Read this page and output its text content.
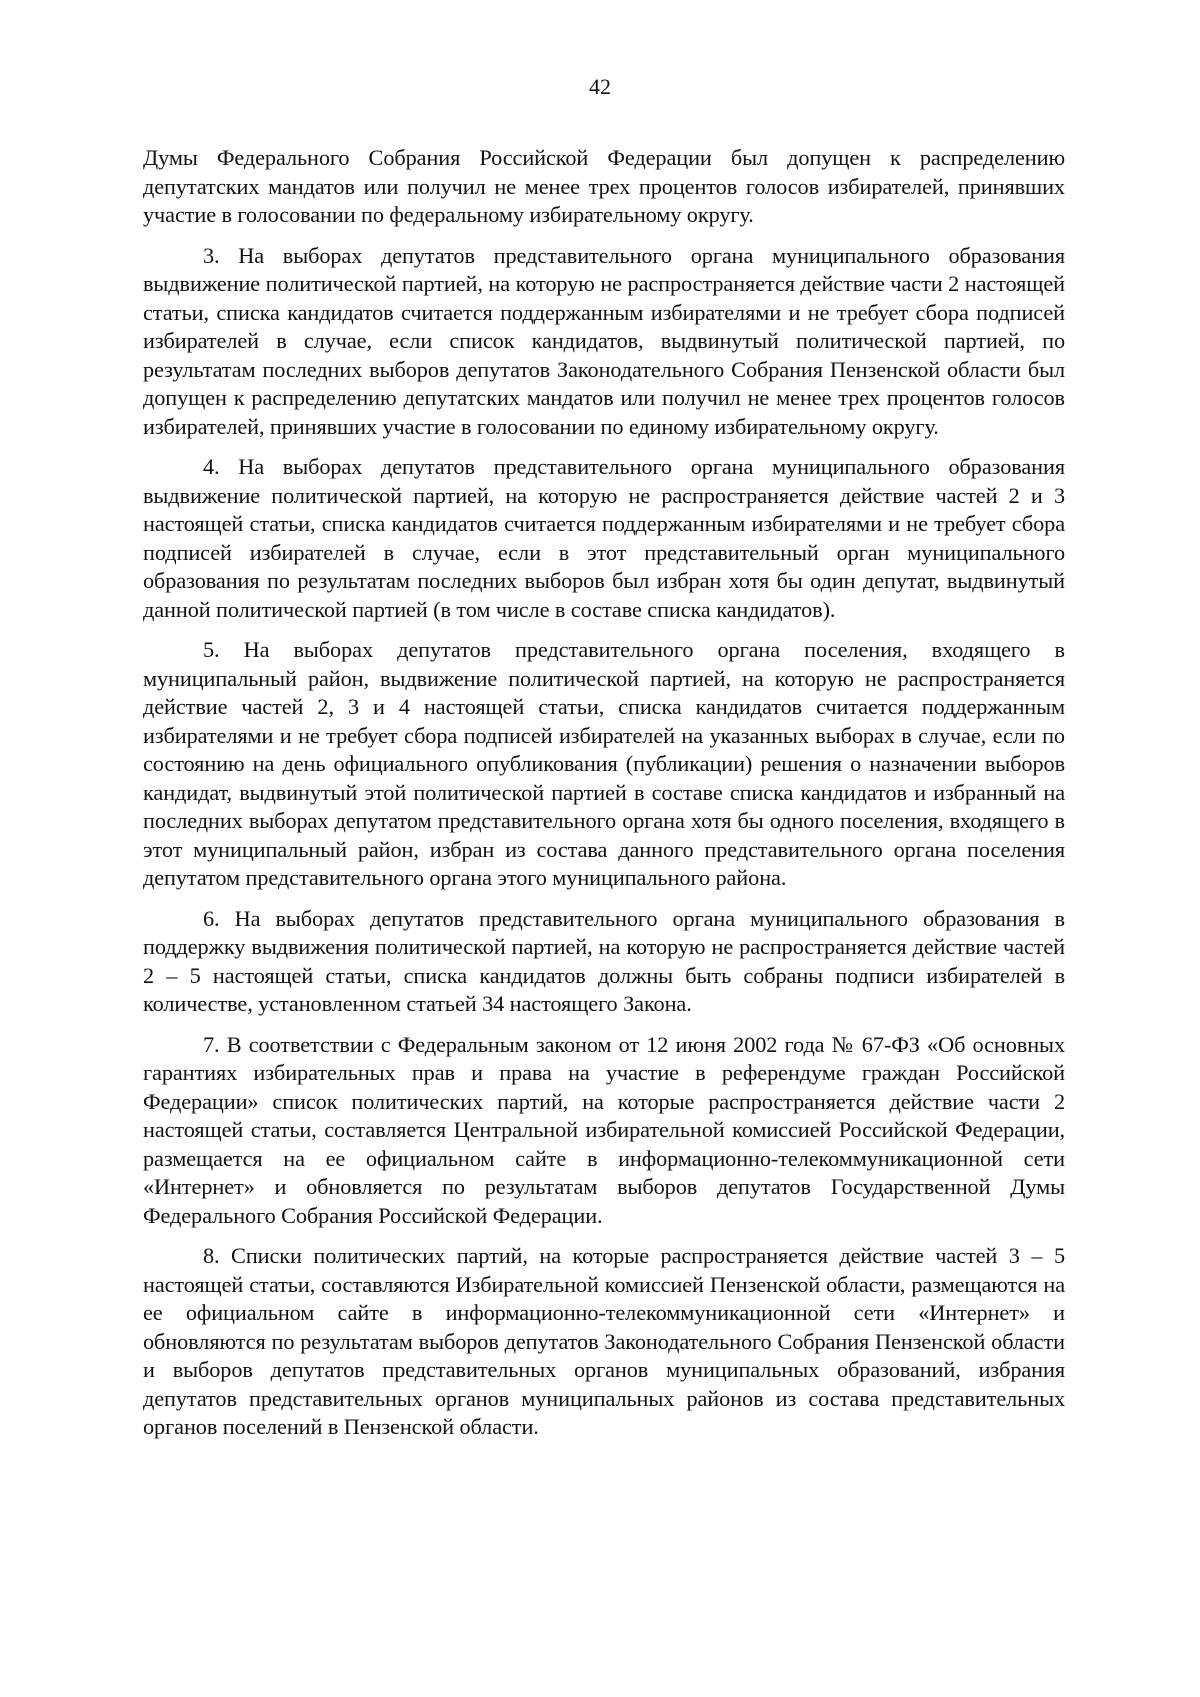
42

Думы Федерального Собрания Российской Федерации был допущен к распределению депутатских мандатов или получил не менее трех процентов голосов избирателей, принявших участие в голосовании по федеральному избирательному округу.

3. На выборах депутатов представительного органа муниципального образования выдвижение политической партией, на которую не распространяется действие части 2 настоящей статьи, списка кандидатов считается поддержанным избирателями и не требует сбора подписей избирателей в случае, если список кандидатов, выдвинутый политической партией, по результатам последних выборов депутатов Законодательного Собрания Пензенской области был допущен к распределению депутатских мандатов или получил не менее трех процентов голосов избирателей, принявших участие в голосовании по единому избирательному округу.

4. На выборах депутатов представительного органа муниципального образования выдвижение политической партией, на которую не распространяется действие частей 2 и 3 настоящей статьи, списка кандидатов считается поддержанным избирателями и не требует сбора подписей избирателей в случае, если в этот представительный орган муниципального образования по результатам последних выборов был избран хотя бы один депутат, выдвинутый данной политической партией (в том числе в составе списка кандидатов).

5. На выборах депутатов представительного органа поселения, входящего в муниципальный район, выдвижение политической партией, на которую не распространяется действие частей 2, 3 и 4 настоящей статьи, списка кандидатов считается поддержанным избирателями и не требует сбора подписей избирателей на указанных выборах в случае, если по состоянию на день официального опубликования (публикации) решения о назначении выборов кандидат, выдвинутый этой политической партией в составе списка кандидатов и избранный на последних выборах депутатом представительного органа хотя бы одного поселения, входящего в этот муниципальный район, избран из состава данного представительного органа поселения депутатом представительного органа этого муниципального района.

6. На выборах депутатов представительного органа муниципального образования в поддержку выдвижения политической партией, на которую не распространяется действие частей 2 – 5 настоящей статьи, списка кандидатов должны быть собраны подписи избирателей в количестве, установленном статьей 34 настоящего Закона.

7. В соответствии с Федеральным законом от 12 июня 2002 года № 67-ФЗ «Об основных гарантиях избирательных прав и права на участие в референдуме граждан Российской Федерации» список политических партий, на которые распространяется действие части 2 настоящей статьи, составляется Центральной избирательной комиссией Российской Федерации, размещается на ее официальном сайте в информационно-телекоммуникационной сети «Интернет» и обновляется по результатам выборов депутатов Государственной Думы Федерального Собрания Российской Федерации.

8. Списки политических партий, на которые распространяется действие частей 3 – 5 настоящей статьи, составляются Избирательной комиссией Пензенской области, размещаются на ее официальном сайте в информационно-телекоммуникационной сети «Интернет» и обновляются по результатам выборов депутатов Законодательного Собрания Пензенской области и выборов депутатов представительных органов муниципальных образований, избрания депутатов представительных органов муниципальных районов из состава представительных органов поселений в Пензенской области.
